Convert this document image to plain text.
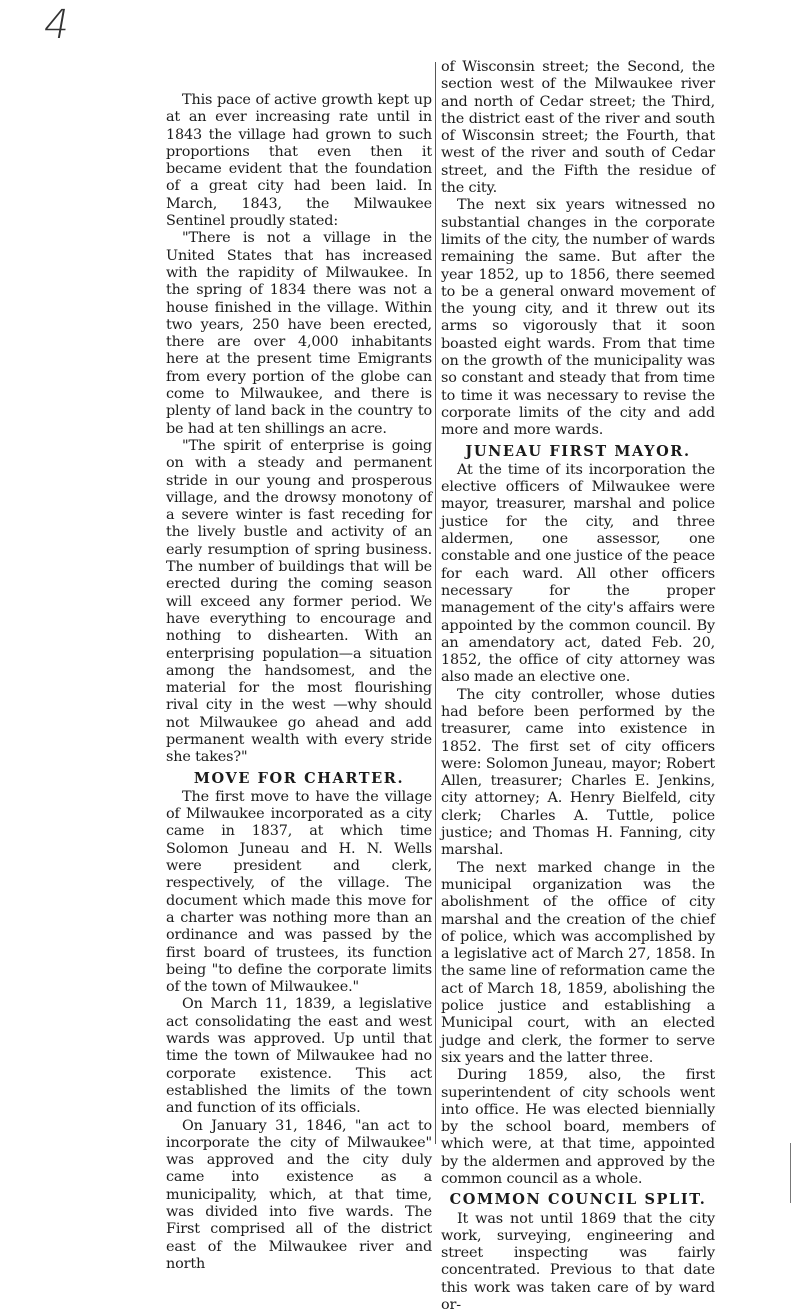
4

This pace of active growth kept up at an ever increasing rate until in 1843 the village had grown to such proportions that even then it became evident that the foundation of a great city had been laid. In March, 1843, the Milwaukee Sentinel proudly stated:

"There is not a village in the United States that has increased with the rapidity of Milwaukee. In the spring of 1834 there was not a house finished in the village. Within two years, 250 have been erected, there are over 4,000 inhabitants here at the present time Emigrants from every portion of the globe can come to Milwaukee, and there is plenty of land back in the country to be had at ten shillings an acre.

"The spirit of enterprise is going on with a steady and permanent stride in our young and prosperous village, and the drowsy monotony of a severe winter is fast receding for the lively bustle and activity of an early resumption of spring business. The number of buildings that will be erected during the coming season will exceed any former period. We have everything to encourage and nothing to dishearten. With an enterprising population—a situation among the handsomest, and the material for the most flourishing rival city in the west —why should not Milwaukee go ahead and add permanent wealth with every stride she takes?"

MOVE FOR CHARTER.

The first move to have the village of Milwaukee incorporated as a city came in 1837, at which time Solomon Juneau and H. N. Wells were president and clerk, respectively, of the village. The document which made this move for a charter was nothing more than an ordinance and was passed by the first board of trustees, its function being "to define the corporate limits of the town of Milwaukee."

On March 11, 1839, a legislative act consolidating the east and west wards was approved. Up until that time the town of Milwaukee had no corporate existence. This act established the limits of the town and function of its officials.

On January 31, 1846, "an act to incorporate the city of Milwaukee" was approved and the city duly came into existence as a municipality, which, at that time, was divided into five wards. The First comprised all of the district east of the Milwaukee river and north

of Wisconsin street; the Second, the section west of the Milwaukee river and north of Cedar street; the Third, the district east of the river and south of Wisconsin street; the Fourth, that west of the river and south of Cedar street, and the Fifth the residue of the city.

The next six years witnessed no substantial changes in the corporate limits of the city, the number of wards remaining the same. But after the year 1852, up to 1856, there seemed to be a general onward movement of the young city, and it threw out its arms so vigorously that it soon boasted eight wards. From that time on the growth of the municipality was so constant and steady that from time to time it was necessary to revise the corporate limits of the city and add more and more wards.

JUNEAU FIRST MAYOR.

At the time of its incorporation the elective officers of Milwaukee were mayor, treasurer, marshal and police justice for the city, and three aldermen, one assessor, one constable and one justice of the peace for each ward. All other officers necessary for the proper management of the city's affairs were appointed by the common council. By an amendatory act, dated Feb. 20, 1852, the office of city attorney was also made an elective one.

The city controller, whose duties had before been performed by the treasurer, came into existence in 1852. The first set of city officers were: Solomon Juneau, mayor; Robert Allen, treasurer; Charles E. Jenkins, city attorney; A. Henry Bielfeld, city clerk; Charles A. Tuttle, police justice; and Thomas H. Fanning, city marshal.

The next marked change in the municipal organization was the abolishment of the office of city marshal and the creation of the chief of police, which was accomplished by a legislative act of March 27, 1858. In the same line of reformation came the act of March 18, 1859, abolishing the police justice and establishing a Municipal court, with an elected judge and clerk, the former to serve six years and the latter three.

During 1859, also, the first superintendent of city schools went into office. He was elected biennially by the school board, members of which were, at that time, appointed by the aldermen and approved by the common council as a whole.

COMMON COUNCIL SPLIT.

It was not until 1869 that the city work, surveying, engineering and street inspecting was fairly concentrated. Previous to that date this work was taken care of by ward or-
